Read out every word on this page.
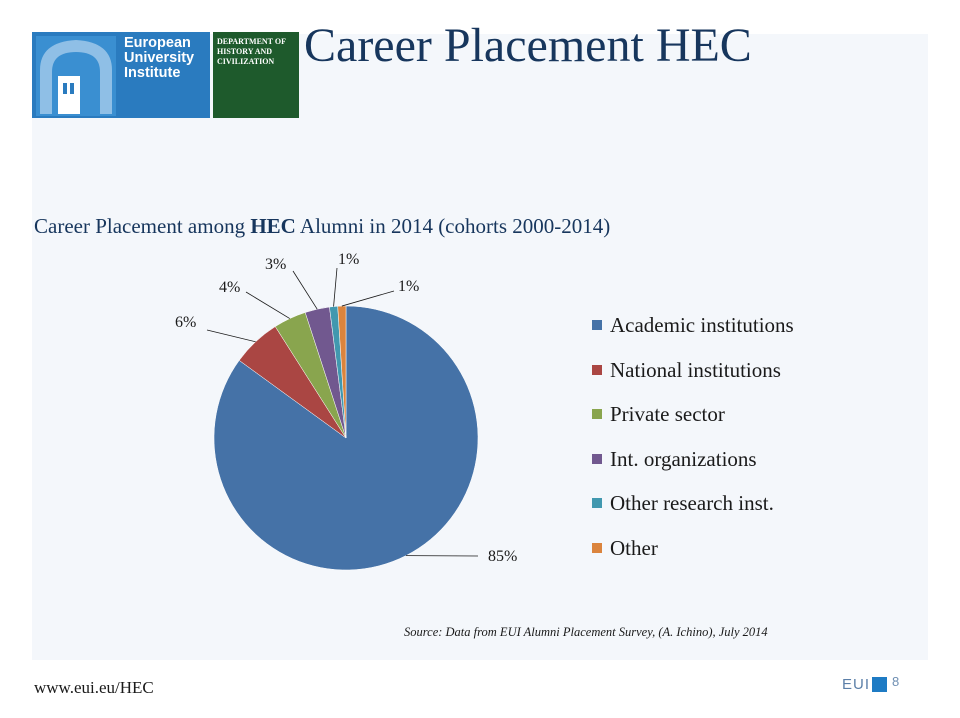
European University Institute
DEPARTMENT OF HISTORY AND CIVILIZATION Career Placement HEC
Career Placement among HEC Alumni in 2014 (cohorts 2000-2014)
85%
6%
4%
3%	1%
1%
Academic institutions
National institutions
Private sector
Int. organizations
Other research inst.
Other
Source: Data from EUI Alumni Placement Survey, (A. Ichino), July 2014
www.eui.eu/HEC	EUI 8
